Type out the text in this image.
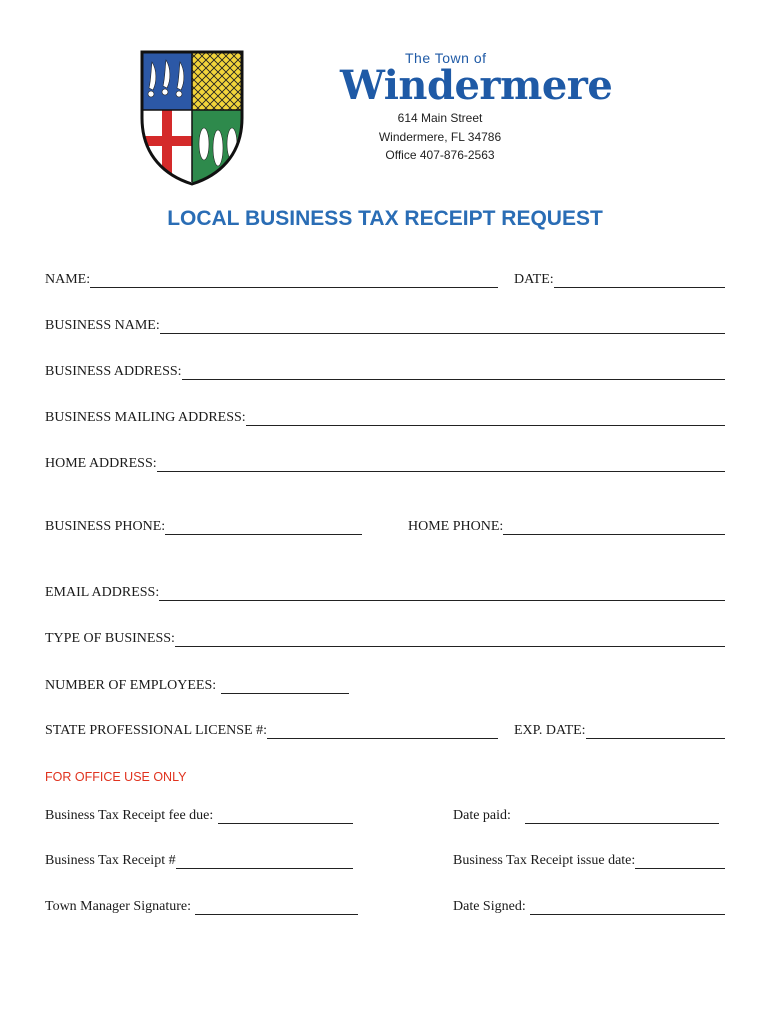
The Town of
Windermere
614 Main Street
Windermere, FL 34786
Office 407-876-2563
LOCAL BUSINESS TAX RECEIPT REQUEST
NAME:	DATE:
BUSINESS NAME:
BUSINESS ADDRESS:
BUSINESS MAILING ADDRESS:
HOME ADDRESS:
BUSINESS PHONE:	HOME PHONE:
EMAIL ADDRESS:
TYPE OF BUSINESS:
NUMBER OF EMPLOYEES:
STATE PROFESSIONAL LICENSE #:	EXP. DATE:
FOR OFFICE USE ONLY
Business Tax Receipt fee due:	Date paid:
Business Tax Receipt #	Business Tax Receipt issue date:
Town Manager Signature:	Date Signed:
